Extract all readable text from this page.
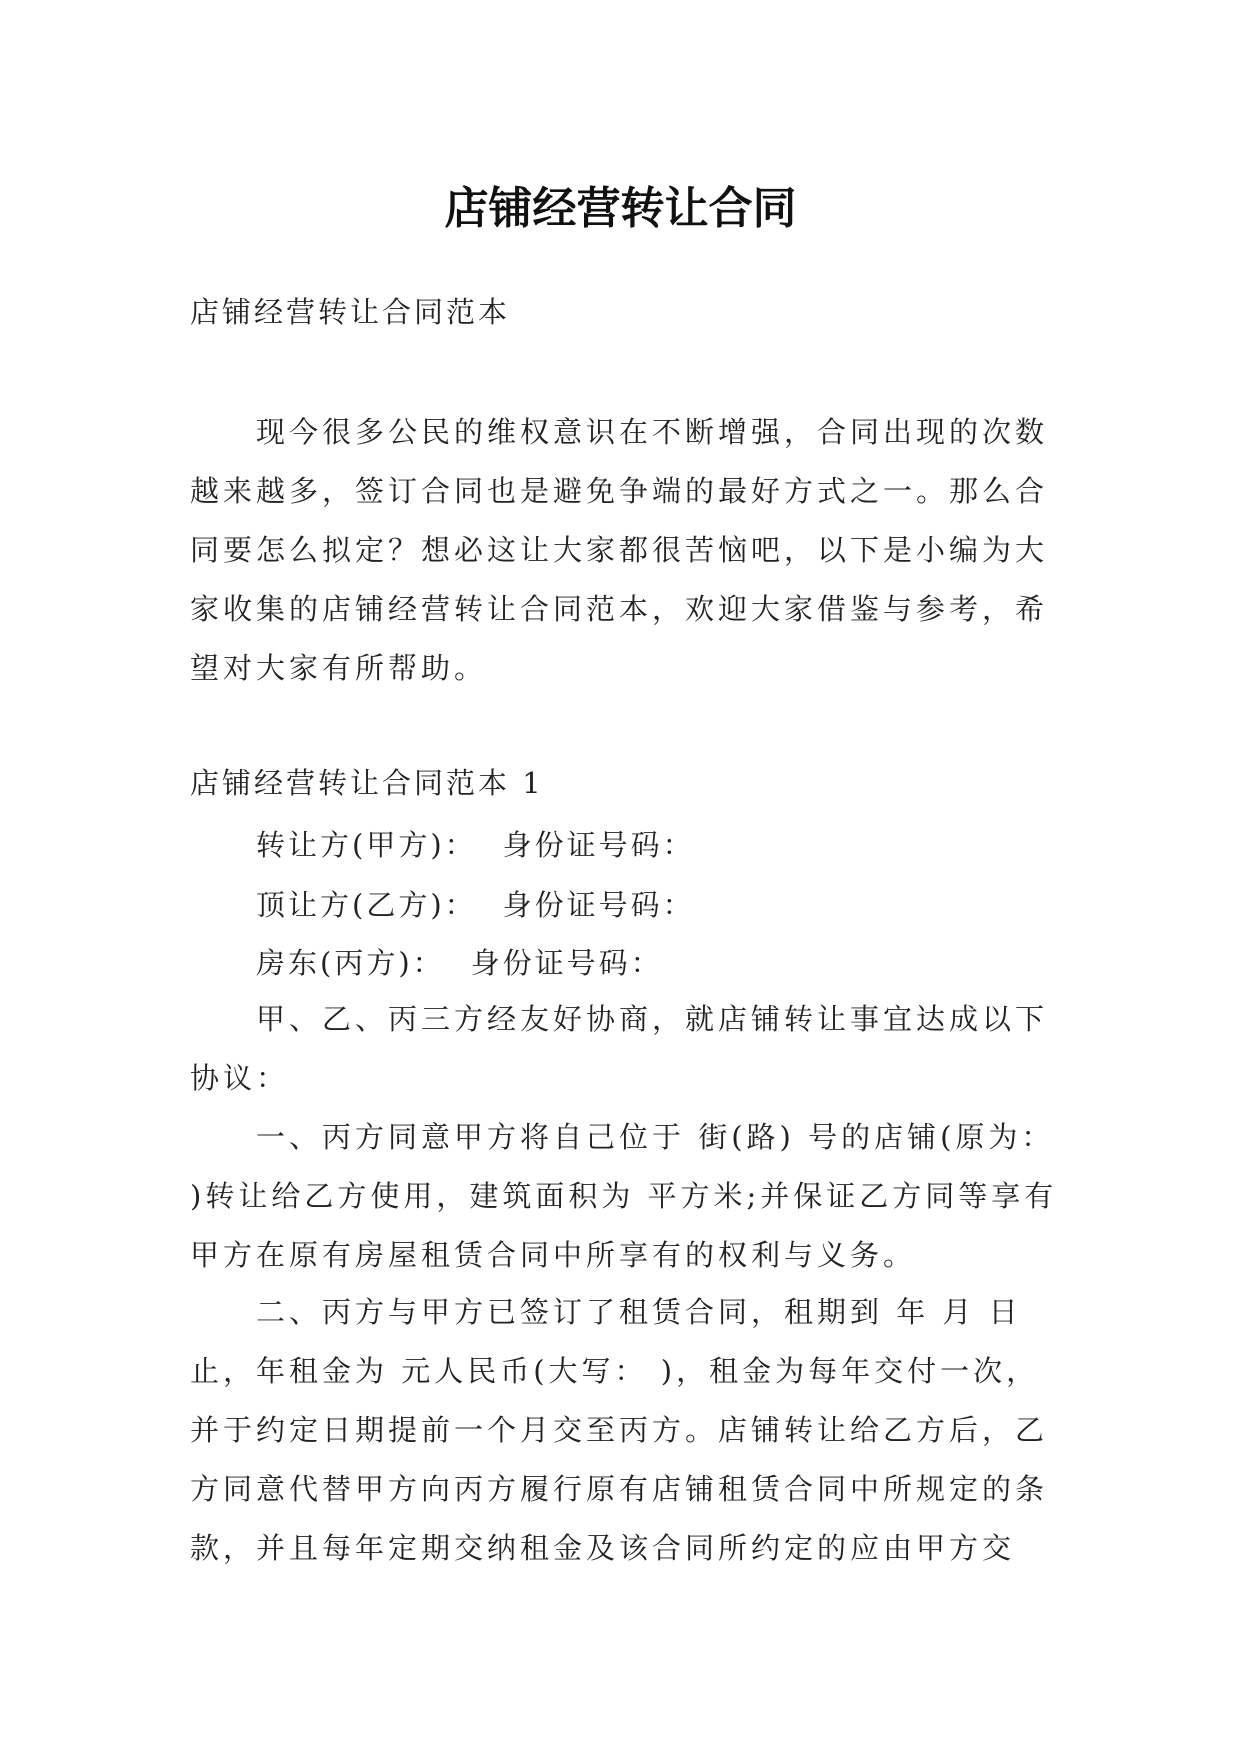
店铺经营转让合同

店铺经营转让合同范本

现今很多公民的维权意识在不断增强，合同出现的次数越来越多，签订合同也是避免争端的最好方式之一。那么合同要怎么拟定？想必这让大家都很苦恼吧，以下是小编为大家收集的店铺经营转让合同范本，欢迎大家借鉴与参考，希望对大家有所帮助。

店铺经营转让合同范本 1

转让方(甲方)： 身份证号码：

顶让方(乙方)： 身份证号码：

房东(丙方)： 身份证号码：

甲、乙、丙三方经友好协商，就店铺转让事宜达成以下协议：

一、丙方同意甲方将自己位于 街(路) 号的店铺(原为： )转让给乙方使用，建筑面积为 平方米;并保证乙方同等享有甲方在原有房屋租赁合同中所享有的权利与义务。

二、丙方与甲方已签订了租赁合同，租期到 年 月 日止，年租金为 元人民币(大写： )，租金为每年交付一次，并于约定日期提前一个月交至丙方。店铺转让给乙方后，乙方同意代替甲方向丙方履行原有店铺租赁合同中所规定的条款，并且每年定期交纳租金及该合同所约定的应由甲方交
